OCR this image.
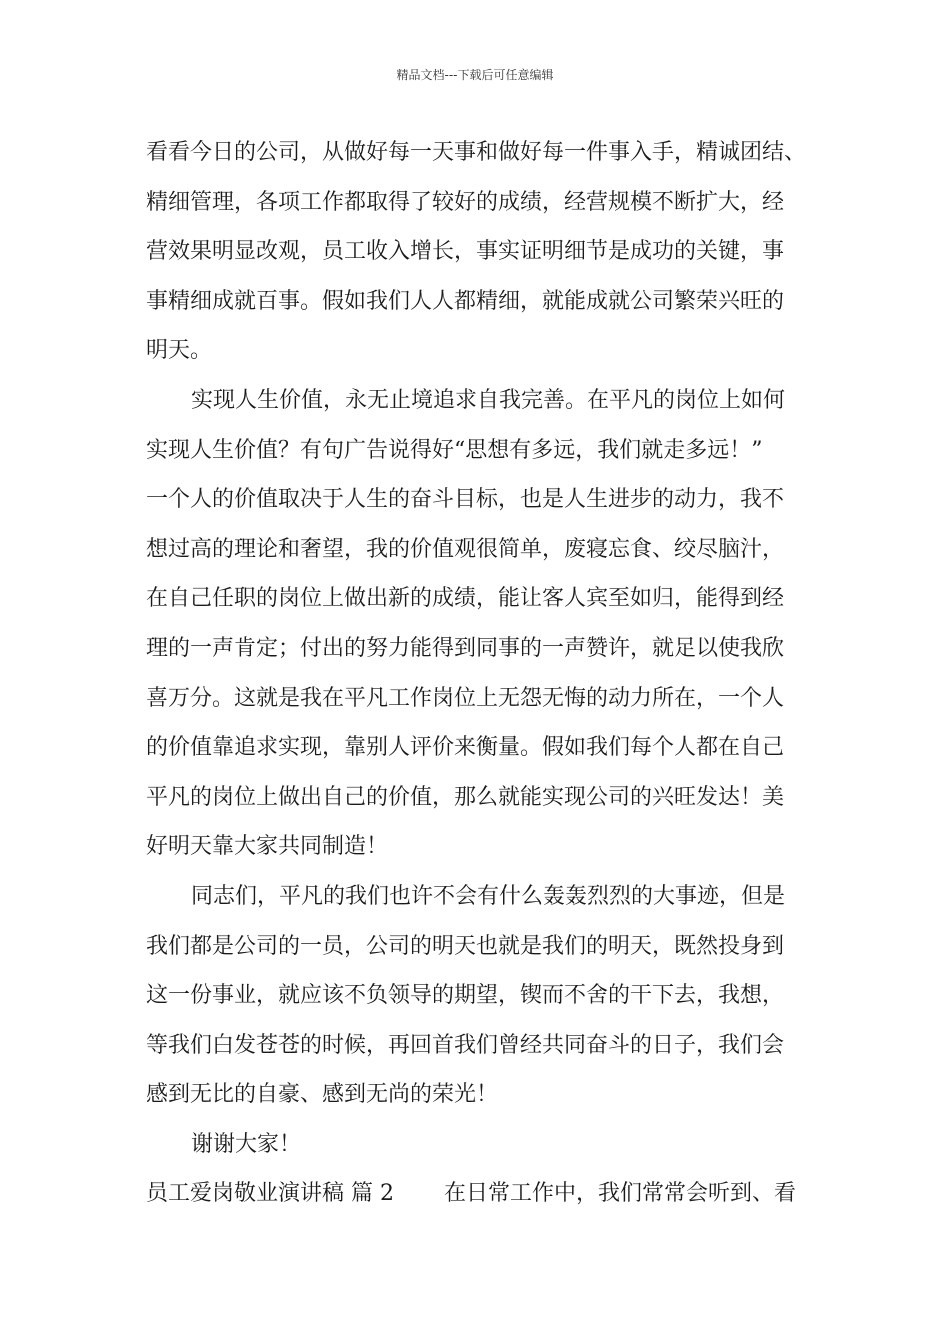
精品文档---下载后可任意编辑
看看今日的公司，从做好每一天事和做好每一件事入手，精诚团结、
精细管理，各项工作都取得了较好的成绩，经营规模不断扩大，经
营效果明显改观，员工收入增长，事实证明细节是成功的关键，事
事精细成就百事。假如我们人人都精细，就能成就公司繁荣兴旺的
明天。
实现人生价值，永无止境追求自我完善。在平凡的岗位上如何
实现人生价值？有句广告说得好“思想有多远，我们就走多远！”
一个人的价值取决于人生的奋斗目标，也是人生进步的动力，我不
想过高的理论和奢望，我的价值观很简单，废寝忘食、绞尽脑汁，
在自己任职的岗位上做出新的成绩，能让客人宾至如归，能得到经
理的一声肯定；付出的努力能得到同事的一声赞许，就足以使我欣
喜万分。这就是我在平凡工作岗位上无怨无悔的动力所在，一个人
的价值靠追求实现，靠别人评价来衡量。假如我们每个人都在自己
平凡的岗位上做出自己的价值，那么就能实现公司的兴旺发达！美
好明天靠大家共同制造！
同志们，平凡的我们也许不会有什么轰轰烈烈的大事迹，但是
我们都是公司的一员，公司的明天也就是我们的明天，既然投身到
这一份事业，就应该不负领导的期望，锲而不舍的干下去，我想，
等我们白发苍苍的时候，再回首我们曾经共同奋斗的日子，我们会
感到无比的自豪、感到无尚的荣光！
谢谢大家！
员工爱岗敬业演讲稿 篇 2 在日常工作中，我们常常会听到、看
